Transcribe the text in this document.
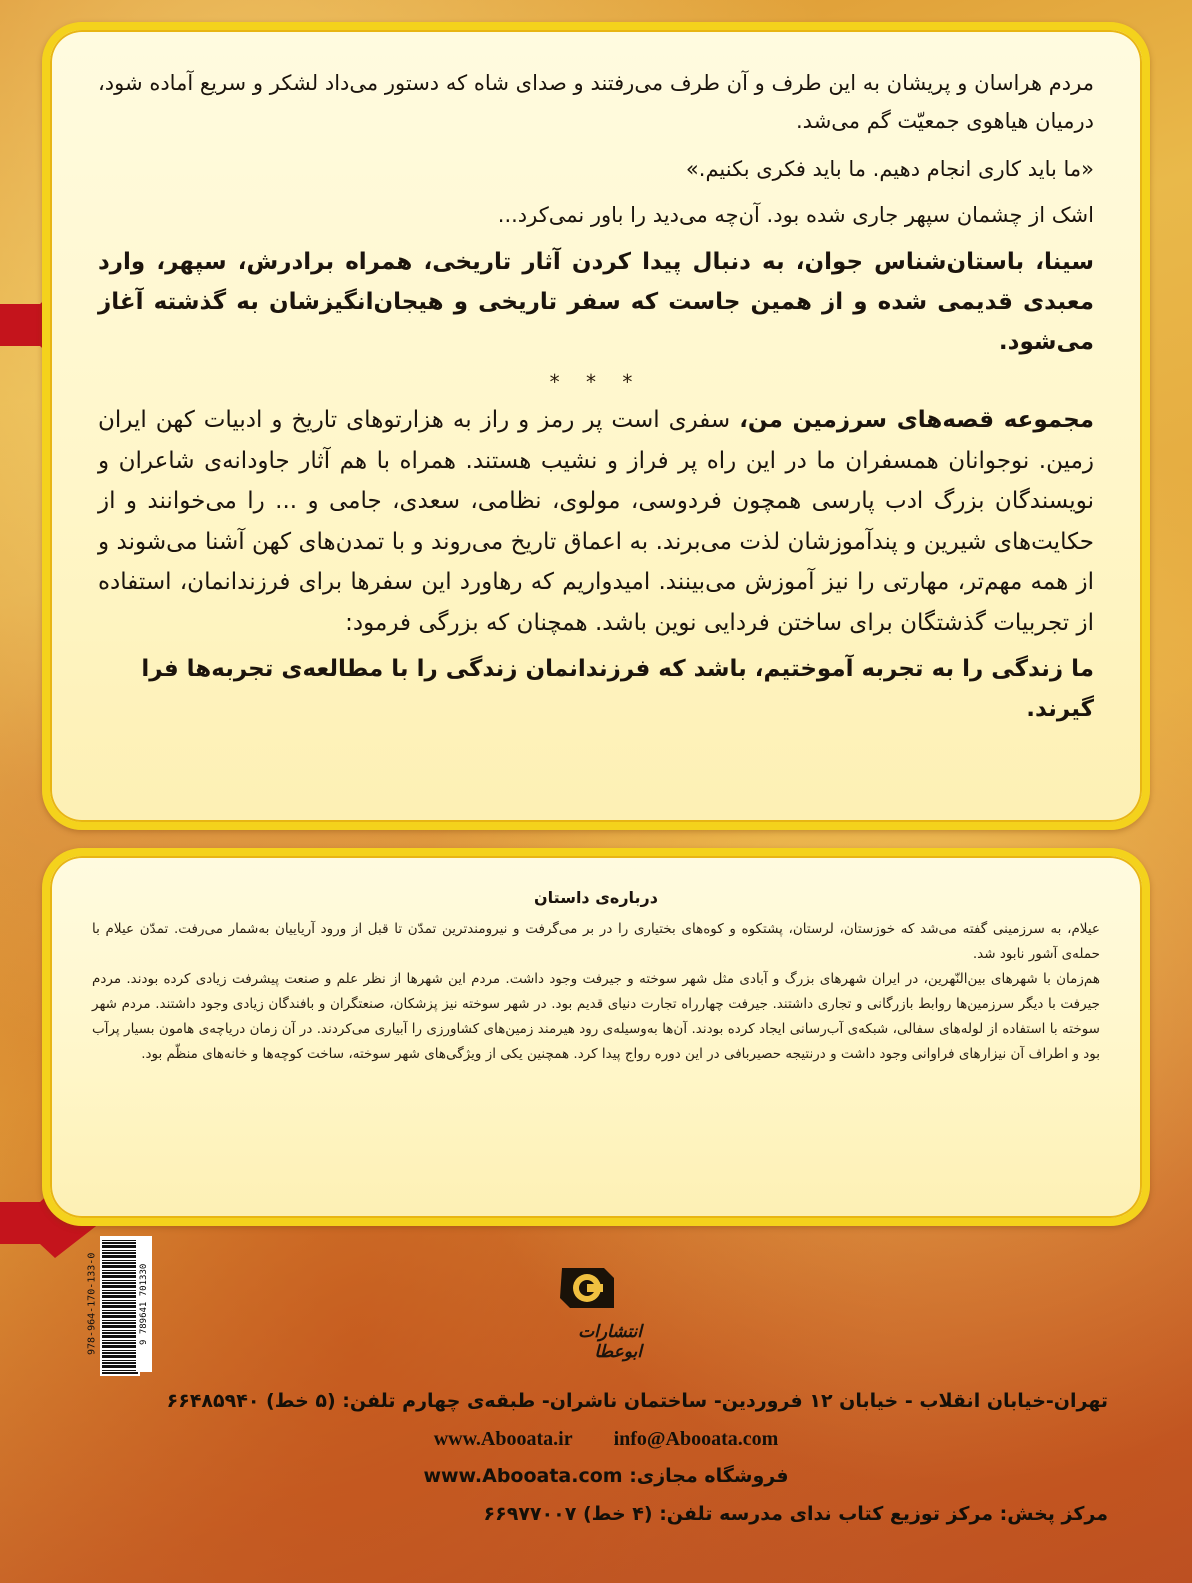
مردم هراسان و پریشان به این طرف و آن طرف می‌رفتند و صدای شاه که دستور می‌داد لشکر و سریع آماده شود، درمیان هیاهوی جمعیّت گم می‌شد.

«ما باید کاری انجام دهیم. ما باید فکری بکنیم.»

اشک از چشمان سپهر جاری شده بود. آن‌چه می‌دید را باور نمی‌کرد...

سینا، باستان‌شناس جوان، به دنبال پیدا کردن آثار تاریخی، همراه برادرش، سپهر، وارد معبدی قدیمی شده و از همین جاست که سفر تاریخی و هیجان‌انگیزشان به گذشته آغاز می‌شود.

* * *

مجموعه قصه‌های سرزمین من، سفری است پر رمز و راز به هزارتوهای تاریخ و ادبیات کهن ایران زمین. نوجوانان همسفران ما در این راه پر فراز و نشیب هستند. همراه با هم آثار جاودانه‌ی شاعران و نویسندگان بزرگ ادب پارسی همچون فردوسی، مولوی، نظامی، سعدی، جامی و ... را می‌خوانند و از حکایت‌های شیرین و پندآموزشان لذت می‌برند. به اعماق تاریخ می‌روند و با تمدن‌های کهن آشنا می‌شوند و از همه مهم‌تر، مهارتی را نیز آموزش می‌بینند. امیدواریم که رهاورد این سفرها برای فرزندانمان، استفاده از تجربیات گذشتگان برای ساختن فردایی نوین باشد. همچنان که بزرگی فرمود:

ما زندگی را به تجربه آموختیم، باشد که فرزندانمان زندگی را با مطالعه‌ی تجربه‌ها فرا گیرند.

درباره‌ی داستان

عیلام، به سرزمینی گفته می‌شد که خوزستان، لرستان، پشتکوه و کوه‌های بختیاری را در بر می‌گرفت و نیرومندترین تمدّن تا قبل از ورود آریاییان به‌شمار می‌رفت. تمدّن عیلام با حمله‌ی آشور نابود شد.

هم‌زمان با شهرهای بین‌النّهرین، در ایران شهرهای بزرگ و آبادی مثل شهر سوخته و جیرفت وجود داشت. مردم این شهرها از نظر علم و صنعت پیشرفت زیادی کرده بودند. مردم جیرفت با دیگر سرزمین‌ها روابط بازرگانی و تجاری داشتند. جیرفت چهارراه تجارت دنیای قدیم بود. در شهر سوخته نیز پزشکان، صنعتگران و بافندگان زیادی وجود داشتند. مردم شهر سوخته با استفاده از لوله‌های سفالی، شبکه‌ی آب‌رسانی ایجاد کرده بودند. آن‌ها به‌وسیله‌ی رود هیرمند زمین‌های کشاورزی را آبیاری می‌کردند. در آن زمان دریاچه‌ی هامون بسیار پرآب بود و اطراف آن نیزارهای فراوانی وجود داشت و درنتیجه حصیربافی در این دوره رواج پیدا کرد. همچنین یکی از ویژگی‌های شهر سوخته، ساخت کوچه‌ها و خانه‌های منظّم بود.

978-964-170-133-0	9 789641 701330	انتشارات ابوعطا
تهران-خیابان انقلاب - خیابان ۱۲ فروردین- ساختمان ناشران- طبقه‌ی چهارم تلفن: (۵ خط) ۶۶۴۸۵۹۴۰
www.Abooata.ir info@Abooata.com
فروشگاه مجازی: www.Abooata.com
مرکز پخش: مرکز توزیع کتاب ندای مدرسه تلفن: (۴ خط) ۶۶۹۷۷۰۰۷
